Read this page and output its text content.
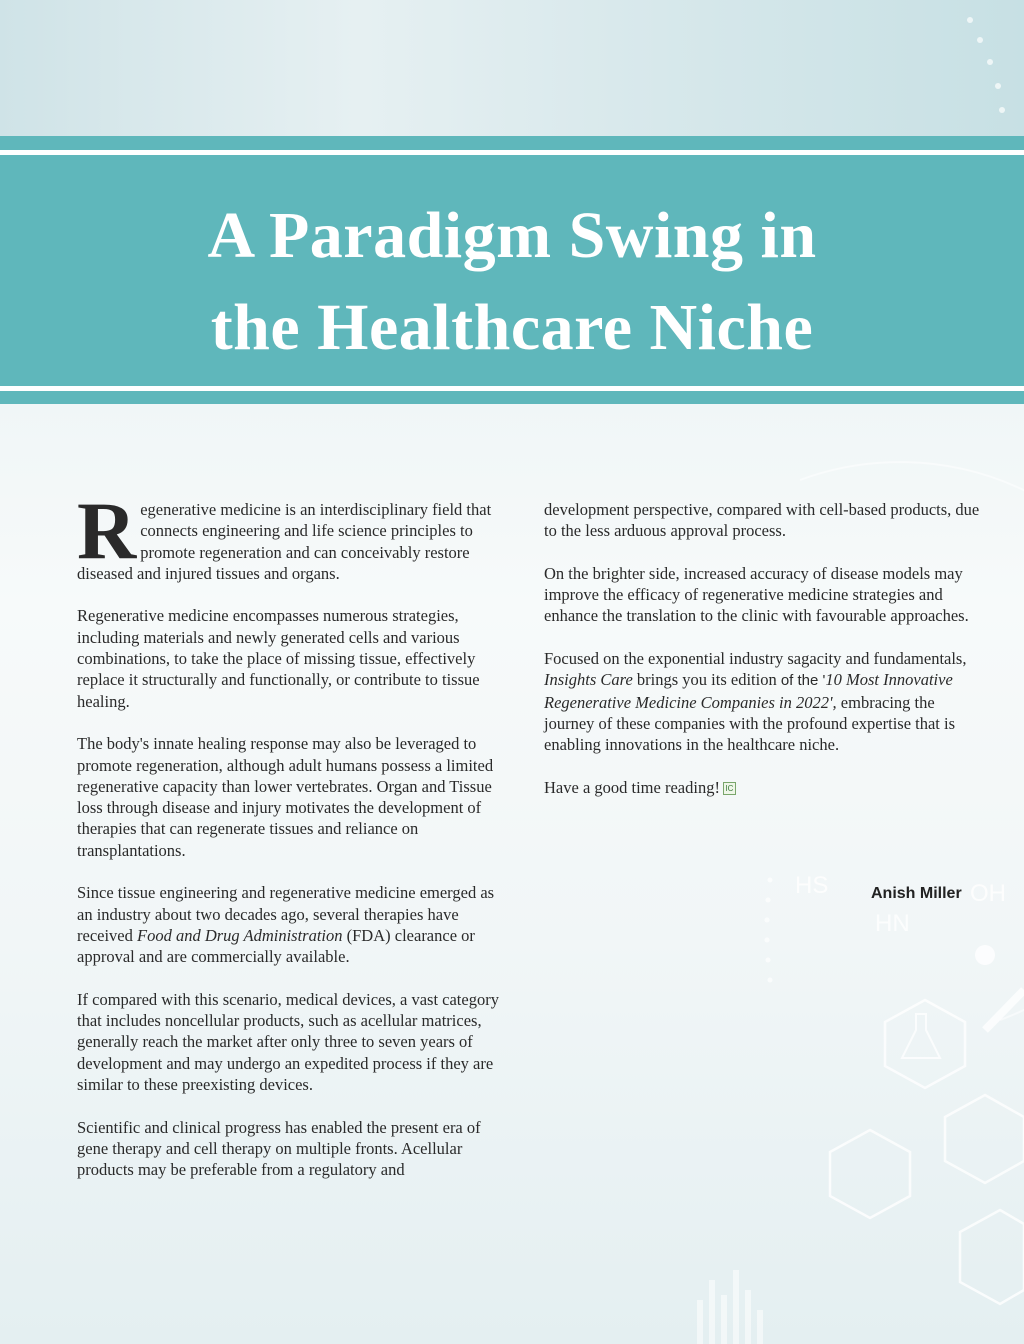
HS
HN
OH
A Paradigm Swing in
the Healthcare Niche

Regenerative medicine is an interdisciplinary field that connects engineering and life science principles to promote regeneration and can conceivably restore diseased and injured tissues and organs.

Regenerative medicine encompasses numerous strategies, including materials and newly generated cells and various combinations, to take the place of missing tissue, effectively replace it structurally and functionally, or contribute to tissue healing.

The body's innate healing response may also be leveraged to promote regeneration, although adult humans possess a limited regenerative capacity than lower vertebrates. Organ and Tissue loss through disease and injury motivates the development of therapies that can regenerate tissues and reliance on transplantations.

Since tissue engineering and regenerative medicine emerged as an industry about two decades ago, several therapies have received Food and Drug Administration (FDA) clearance or approval and are commercially available.

If compared with this scenario, medical devices, a vast category that includes noncellular products, such as acellular matrices, generally reach the market after only three to seven years of development and may undergo an expedited process if they are similar to these preexisting devices.

Scientific and clinical progress has enabled the present era of gene therapy and cell therapy on multiple fronts. Acellular products may be preferable from a regulatory and

development perspective, compared with cell-based products, due to the less arduous approval process.

On the brighter side, increased accuracy of disease models may improve the efficacy of regenerative medicine strategies and enhance the translation to the clinic with favourable approaches.

Focused on the exponential industry sagacity and fundamentals, Insights Care brings you its edition of the '10 Most Innovative Regenerative Medicine Companies in 2022', embracing the journey of these companies with the profound expertise that is enabling innovations in the healthcare niche.

Have a good time reading! IC

Anish Miller
